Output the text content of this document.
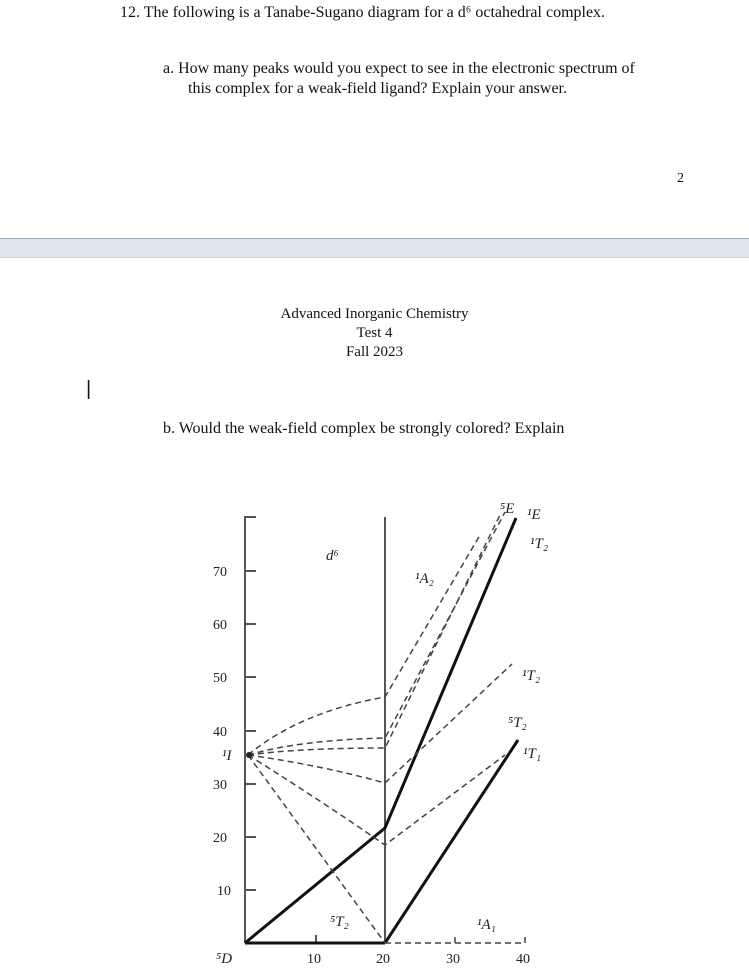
12. The following is a Tanabe-Sugano diagram for a d⁶ octahedral complex.
a. How many peaks would you expect to see in the electronic spectrum of
this complex for a weak-field ligand? Explain your answer.
2
Advanced Inorganic Chemistry
Test 4
Fall 2023
|
b. Would the weak-field complex be strongly colored? Explain
70
60
50
40
30
20
10
10	20	30	40
⁵D
¹I
d⁶
⁵E ¹E
¹T₂
¹A₂
¹T₂
⁵T₂
¹T₁
¹A₁
⁵T₂
